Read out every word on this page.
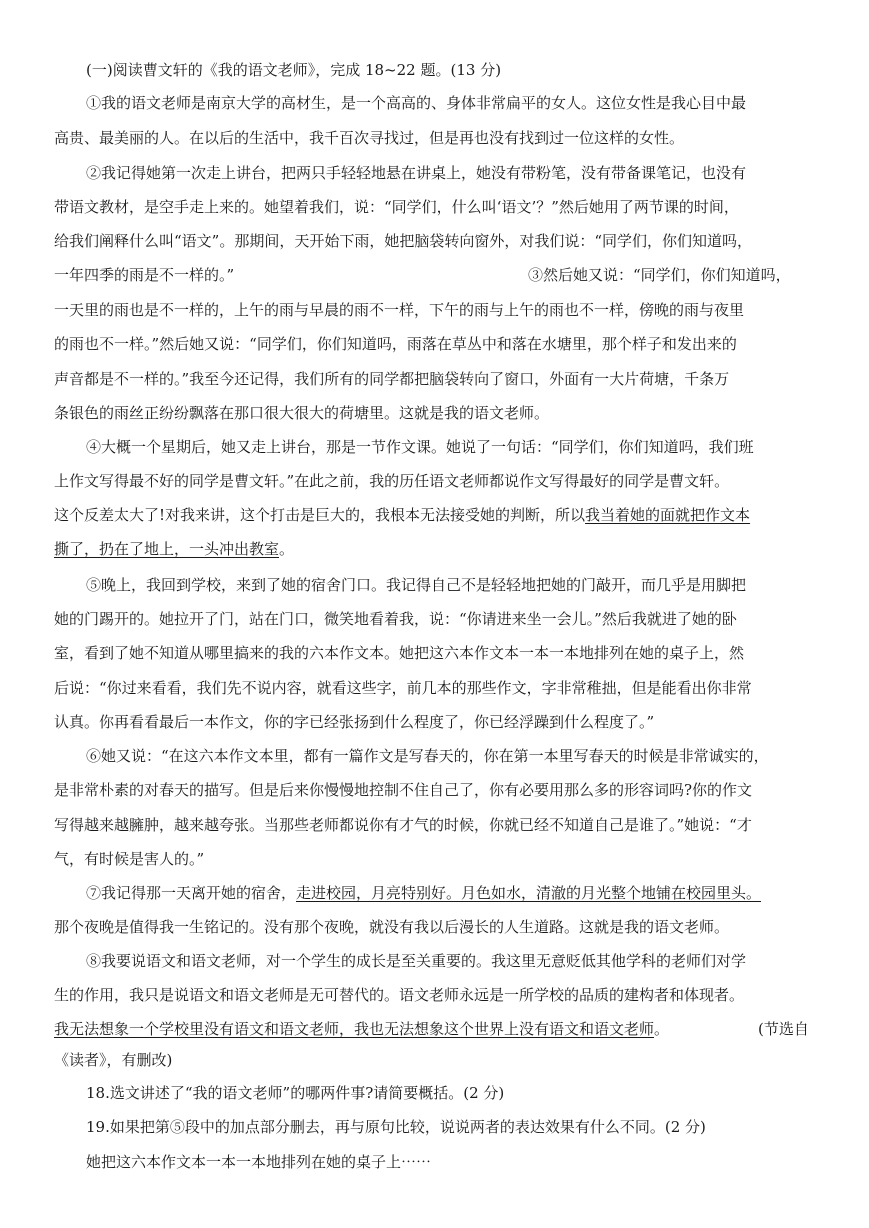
(一)阅读曹文轩的《我的语文老师》，完成 18~22 题。(13 分)
①我的语文老师是南京大学的高材生，是一个高高的、身体非常扁平的女人。这位女性是我心目中最
高贵、最美丽的人。在以后的生活中，我千百次寻找过，但是再也没有找到过一位这样的女性。
②我记得她第一次走上讲台，把两只手轻轻地悬在讲桌上，她没有带粉笔，没有带备课笔记，也没有
带语文教材，是空手走上来的。她望着我们，说：“同学们，什么叫‘语文’？”然后她用了两节课的时间，
给我们阐释什么叫“语文”。那期间，天开始下雨，她把脑袋转向窗外，对我们说：“同学们，你们知道吗，
一年四季的雨是不一样的。”	③然后她又说：“同学们，你们知道吗，
一天里的雨也是不一样的，上午的雨与早晨的雨不一样，下午的雨与上午的雨也不一样，傍晚的雨与夜里
的雨也不一样。”然后她又说：“同学们，你们知道吗，雨落在草丛中和落在水塘里，那个样子和发出来的
声音都是不一样的。”我至今还记得，我们所有的同学都把脑袋转向了窗口，外面有一大片荷塘，千条万
条银色的雨丝正纷纷飘落在那口很大很大的荷塘里。这就是我的语文老师。
④大概一个星期后，她又走上讲台，那是一节作文课。她说了一句话：“同学们，你们知道吗，我们班
上作文写得最不好的同学是曹文轩。”在此之前，我的历任语文老师都说作文写得最好的同学是曹文轩。
这个反差太大了!对我来讲，这个打击是巨大的，我根本无法接受她的判断，所以我当着她的面就把作文本
撕了，扔在了地上，一头冲出教室。
⑤晚上，我回到学校，来到了她的宿舍门口。我记得自己不是轻轻地把她的门敲开，而几乎是用脚把
她的门踢开的。她拉开了门，站在门口，微笑地看着我，说：“你请进来坐一会儿。”然后我就进了她的卧
室，看到了她不知道从哪里搞来的我的六本作文本。她把这六本作文本一本一本地排列在她的桌子上，然
后说：“你过来看看，我们先不说内容，就看这些字，前几本的那些作文，字非常稚拙，但是能看出你非常
认真。你再看看最后一本作文，你的字已经张扬到什么程度了，你已经浮躁到什么程度了。”
⑥她又说：“在这六本作文本里，都有一篇作文是写春天的，你在第一本里写春天的时候是非常诚实的，
是非常朴素的对春天的描写。但是后来你慢慢地控制不住自己了，你有必要用那么多的形容词吗?你的作文
写得越来越臃肿，越来越夸张。当那些老师都说你有才气的时候，你就已经不知道自己是谁了。”她说：“才
气，有时候是害人的。”
⑦我记得那一天离开她的宿舍，走进校园，月亮特别好。月色如水，清澈的月光整个地铺在校园里头。
那个夜晚是值得我一生铭记的。没有那个夜晚，就没有我以后漫长的人生道路。这就是我的语文老师。
⑧我要说语文和语文老师，对一个学生的成长是至关重要的。我这里无意贬低其他学科的老师们对学
生的作用，我只是说语文和语文老师是无可替代的。语文老师永远是一所学校的品质的建构者和体现者。
我无法想象一个学校里没有语文和语文老师，我也无法想象这个世界上没有语文和语文老师。	(节选自
《读者》，有删改)
18.选文讲述了“我的语文老师”的哪两件事?请简要概括。(2 分)
19.如果把第⑤段中的加点部分删去，再与原句比较，说说两者的表达效果有什么不同。(2 分)
她把这六本作文本一本一本地排列在她的桌子上⋯⋯
